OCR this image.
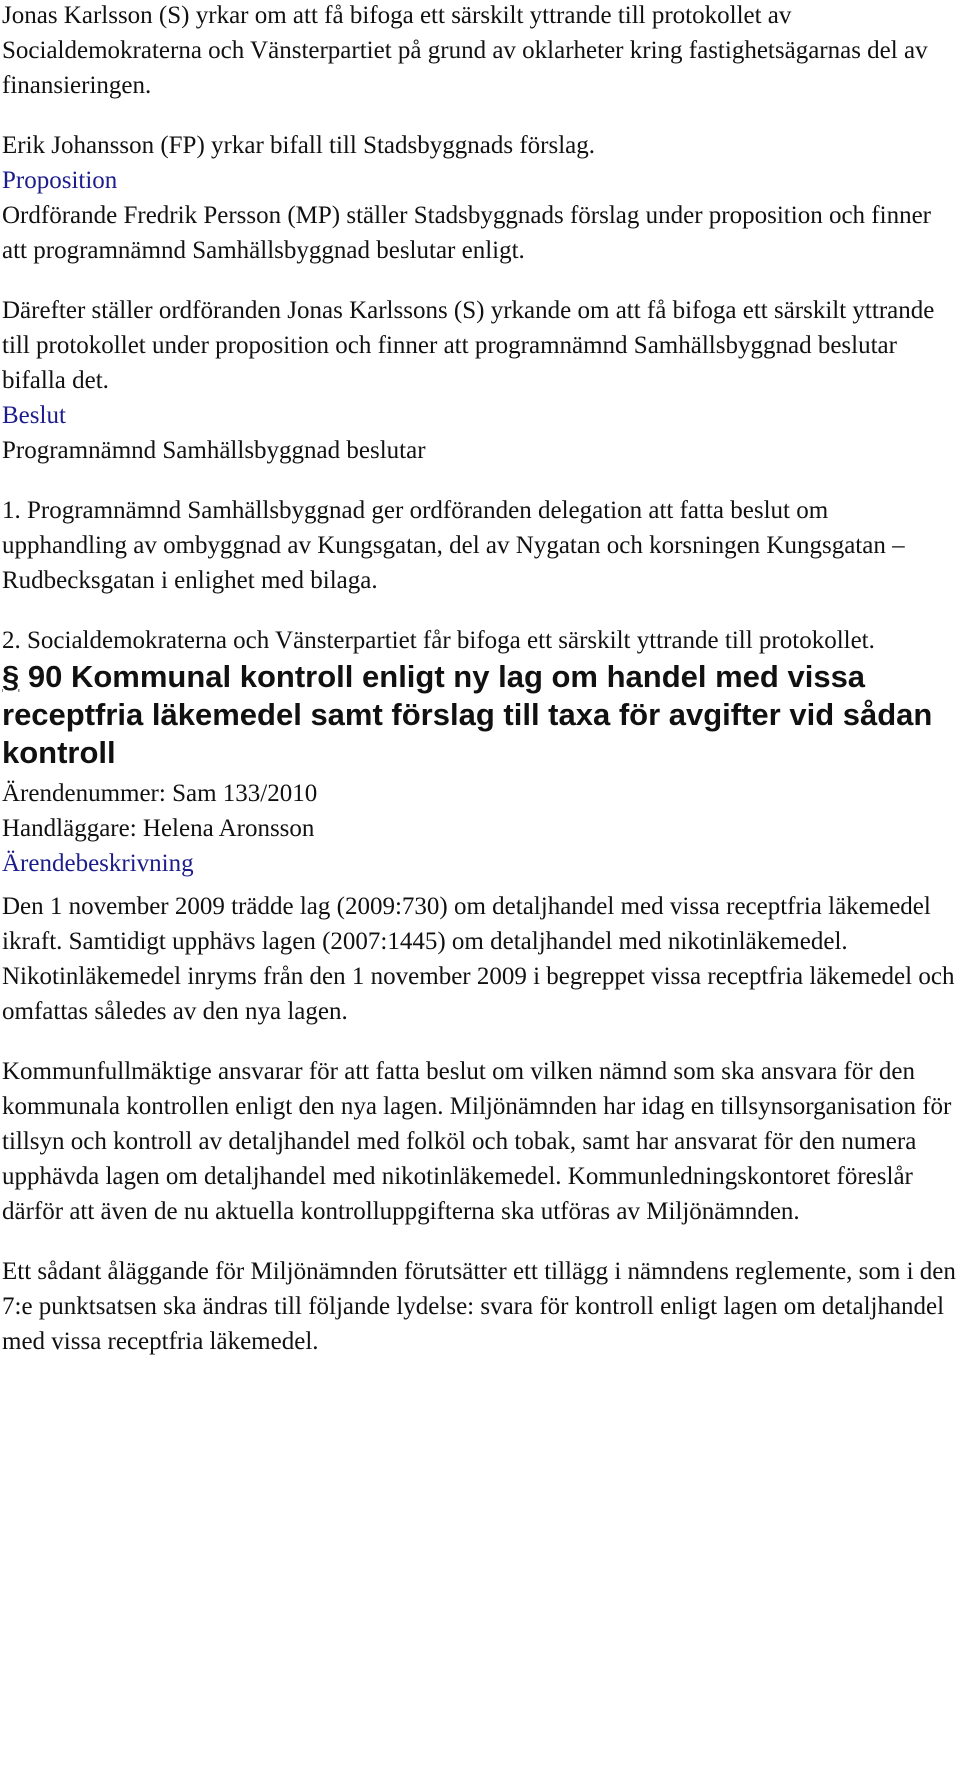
Jonas Karlsson (S) yrkar om att få bifoga ett särskilt yttrande till protokollet av Socialdemokraterna och Vänsterpartiet på grund av oklarheter kring fastighetsägarnas del av finansieringen.

Erik Johansson (FP) yrkar bifall till Stadsbyggnads förslag.

Proposition

Ordförande Fredrik Persson (MP) ställer Stadsbyggnads förslag under proposition och finner att programnämnd Samhällsbyggnad beslutar enligt.

Därefter ställer ordföranden Jonas Karlssons (S) yrkande om att få bifoga ett särskilt yttrande till protokollet under proposition och finner att programnämnd Samhällsbyggnad beslutar bifalla det.

Beslut

Programnämnd Samhällsbyggnad beslutar

1. Programnämnd Samhällsbyggnad ger ordföranden delegation att fatta beslut om upphandling av ombyggnad av Kungsgatan, del av Nygatan och korsningen Kungsgatan – Rudbecksgatan i enlighet med bilaga.

2. Socialdemokraterna och Vänsterpartiet får bifoga ett särskilt yttrande till protokollet.

§ 90 Kommunal kontroll enligt ny lag om handel med vissa receptfria läkemedel samt förslag till taxa för avgifter vid sådan kontroll

Ärendenummer: Sam 133/2010

Handläggare: Helena Aronsson

Ärendebeskrivning

Den 1 november 2009 trädde lag (2009:730) om detaljhandel med vissa receptfria läkemedel ikraft. Samtidigt upphävs lagen (2007:1445) om detaljhandel med nikotinläkemedel. Nikotinläkemedel inryms från den 1 november 2009 i begreppet vissa receptfria läkemedel och omfattas således av den nya lagen.

Kommunfullmäktige ansvarar för att fatta beslut om vilken nämnd som ska ansvara för den kommunala kontrollen enligt den nya lagen. Miljönämnden har idag en tillsynsorganisation för tillsyn och kontroll av detaljhandel med folköl och tobak, samt har ansvarat för den numera upphävda lagen om detaljhandel med nikotinläkemedel. Kommunledningskontoret föreslår därför att även de nu aktuella kontrolluppgifterna ska utföras av Miljönämnden.

Ett sådant åläggande för Miljönämnden förutsätter ett tillägg i nämndens reglemente, som i den 7:e punktsatsen ska ändras till följande lydelse: svara för kontroll enligt lagen om detaljhandel med vissa receptfria läkemedel.
